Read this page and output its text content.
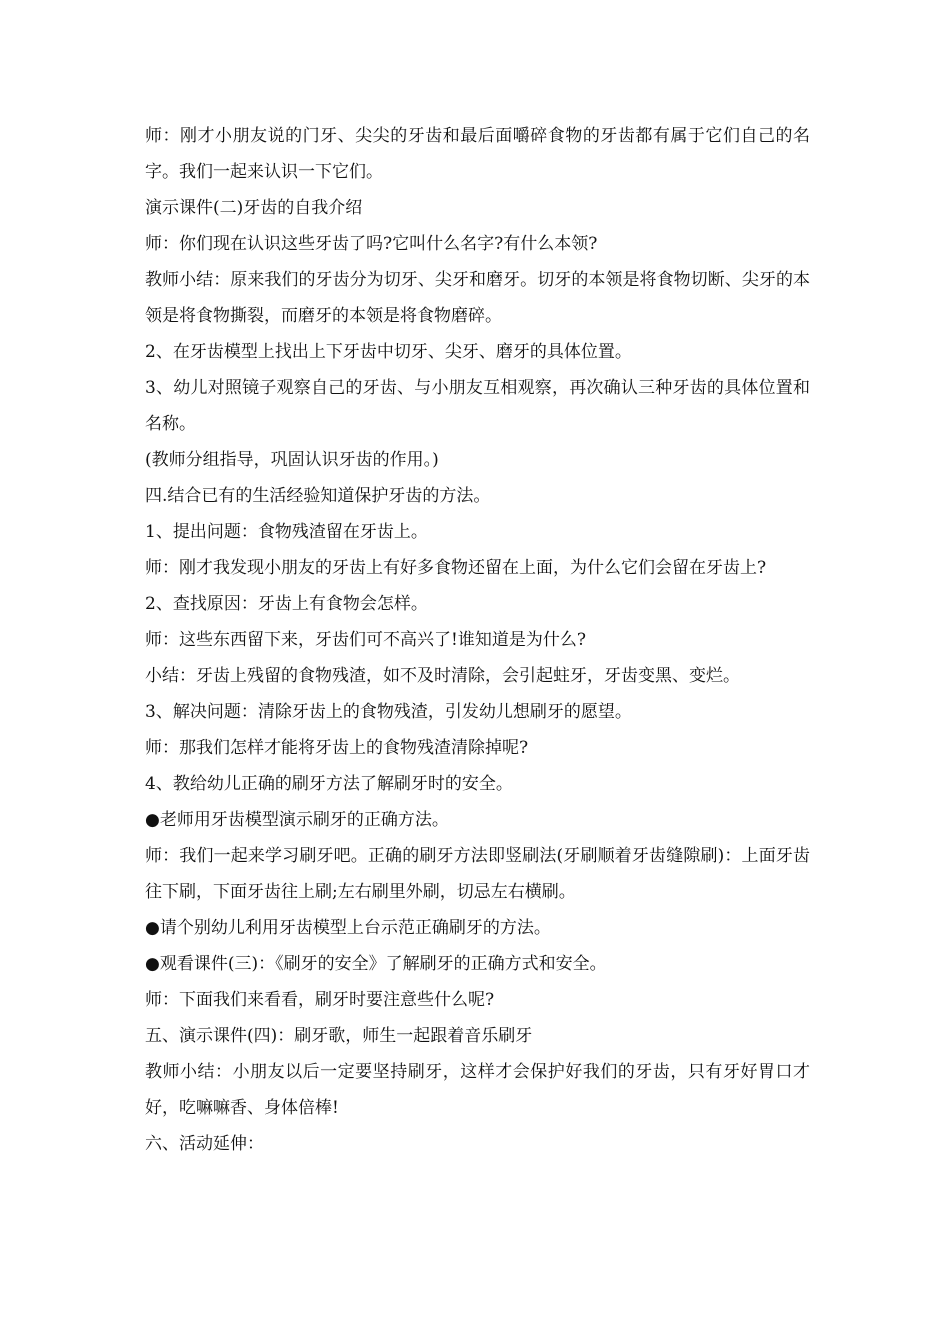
师：刚才小朋友说的门牙、尖尖的牙齿和最后面嚼碎食物的牙齿都有属于它们自己的名字。我们一起来认识一下它们。

演示课件(二)牙齿的自我介绍

师：你们现在认识这些牙齿了吗?它叫什么名字?有什么本领?

教师小结：原来我们的牙齿分为切牙、尖牙和磨牙。切牙的本领是将食物切断、尖牙的本领是将食物撕裂，而磨牙的本领是将食物磨碎。

2、在牙齿模型上找出上下牙齿中切牙、尖牙、磨牙的具体位置。

3、幼儿对照镜子观察自己的牙齿、与小朋友互相观察，再次确认三种牙齿的具体位置和名称。

(教师分组指导，巩固认识牙齿的作用。)

四.结合已有的生活经验知道保护牙齿的方法。

1、提出问题：食物残渣留在牙齿上。

师：刚才我发现小朋友的牙齿上有好多食物还留在上面，为什么它们会留在牙齿上?

2、查找原因：牙齿上有食物会怎样。

师：这些东西留下来，牙齿们可不高兴了!谁知道是为什么?

小结：牙齿上残留的食物残渣，如不及时清除，会引起蛀牙，牙齿变黑、变烂。

3、解决问题：清除牙齿上的食物残渣，引发幼儿想刷牙的愿望。

师：那我们怎样才能将牙齿上的食物残渣清除掉呢?

4、教给幼儿正确的刷牙方法了解刷牙时的安全。

●老师用牙齿模型演示刷牙的正确方法。

师：我们一起来学习刷牙吧。正确的刷牙方法即竖刷法(牙刷顺着牙齿缝隙刷)：上面牙齿往下刷，下面牙齿往上刷;左右刷里外刷，切忌左右横刷。

●请个别幼儿利用牙齿模型上台示范正确刷牙的方法。

●观看课件(三)：《刷牙的安全》了解刷牙的正确方式和安全。

师：下面我们来看看，刷牙时要注意些什么呢?

五、演示课件(四)：刷牙歌，师生一起跟着音乐刷牙

教师小结：小朋友以后一定要坚持刷牙，这样才会保护好我们的牙齿，只有牙好胃口才好，吃嘛嘛香、身体倍棒!

六、活动延伸：
